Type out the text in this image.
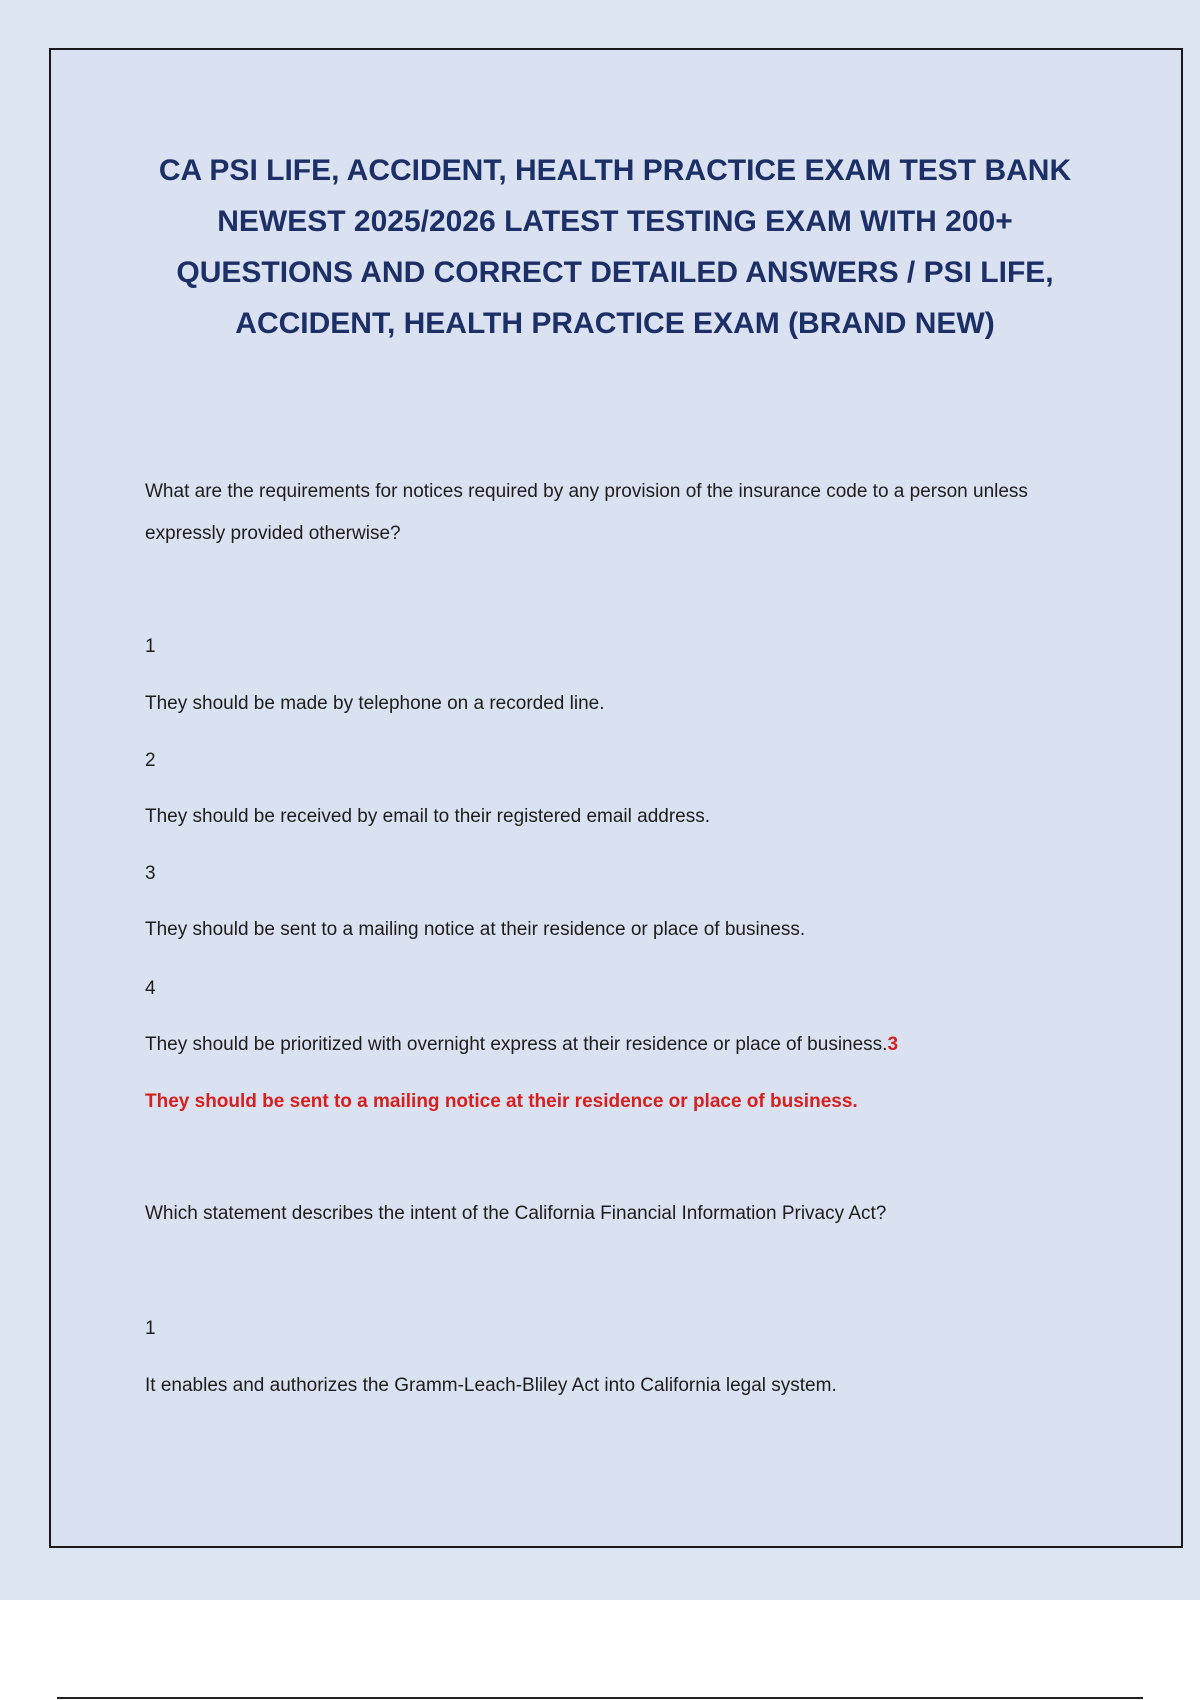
CA PSI LIFE, ACCIDENT, HEALTH PRACTICE EXAM TEST BANK NEWEST 2025/2026 LATEST TESTING EXAM WITH 200+ QUESTIONS AND CORRECT DETAILED ANSWERS / PSI LIFE, ACCIDENT, HEALTH PRACTICE EXAM (BRAND NEW)

What are the requirements for notices required by any provision of the insurance code to a person unless expressly provided otherwise?

1

They should be made by telephone on a recorded line.

2

They should be received by email to their registered email address.

3

They should be sent to a mailing notice at their residence or place of business.

4

They should be prioritized with overnight express at their residence or place of business.3

They should be sent to a mailing notice at their residence or place of business.

Which statement describes the intent of the California Financial Information Privacy Act?

1

It enables and authorizes the Gramm-Leach-Bliley Act into California legal system.
